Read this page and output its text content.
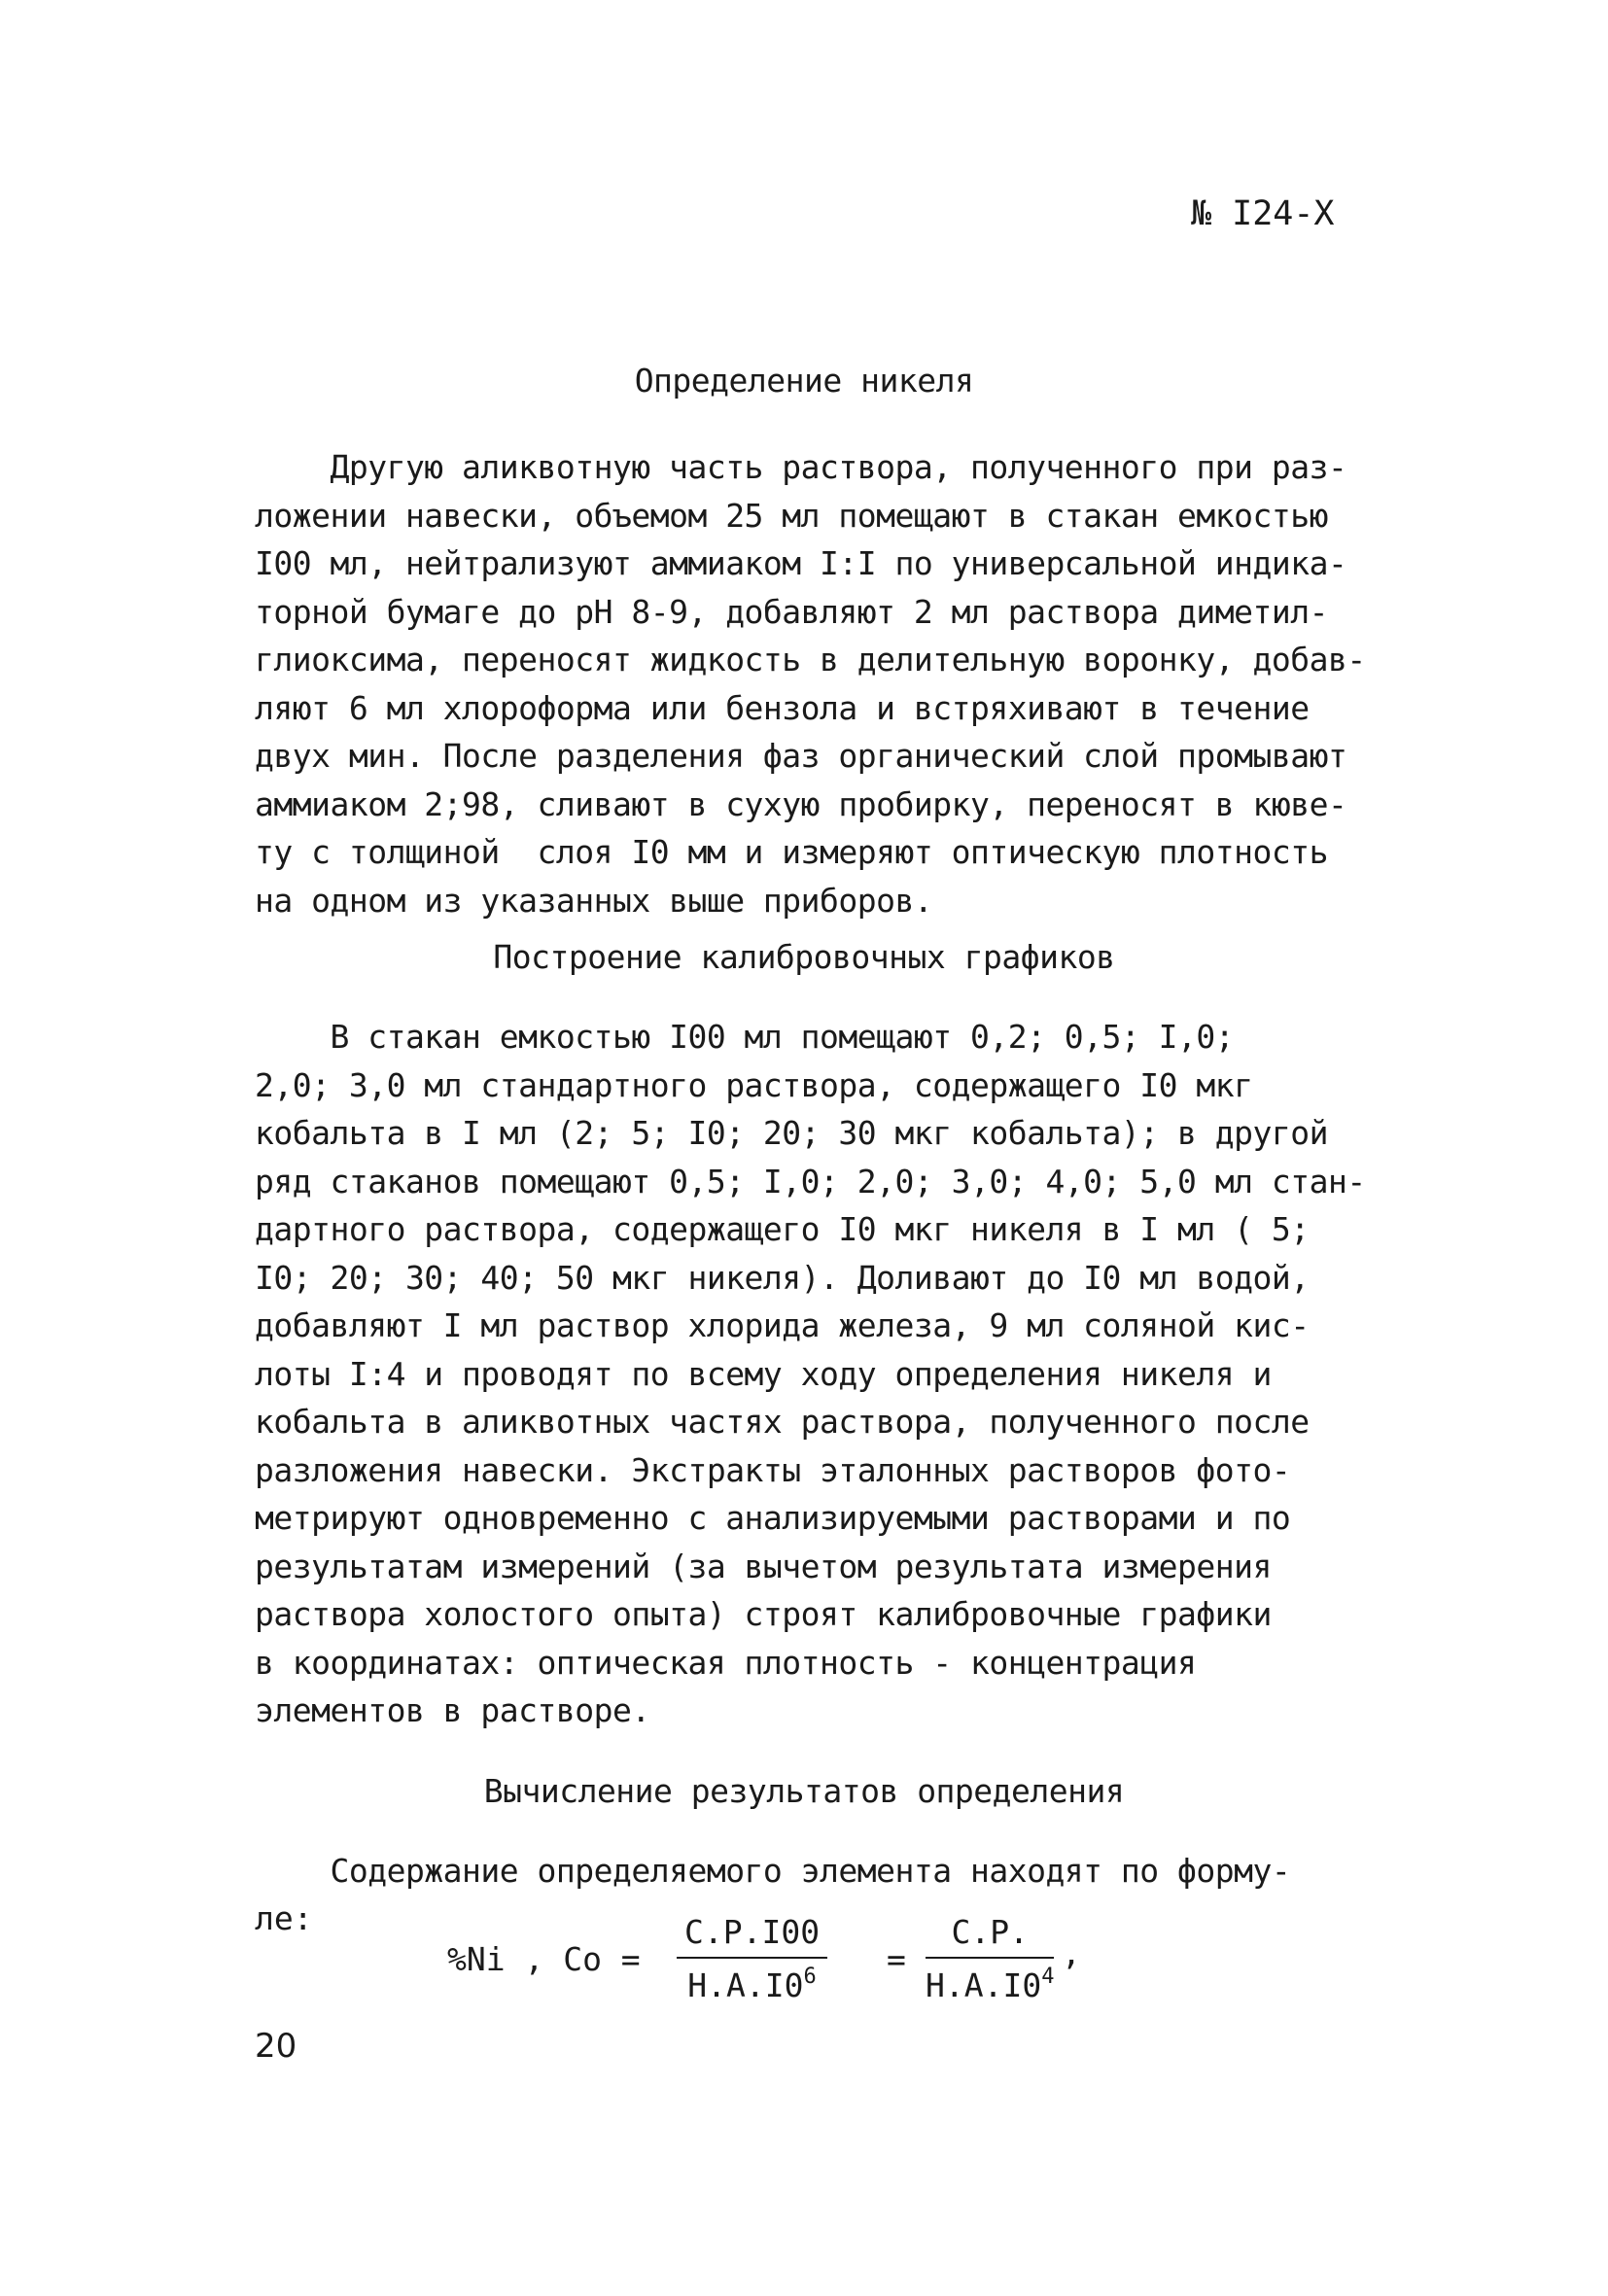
№ I24-Х
Определение никеля
Другую аликвотную часть раствора, полученного при раз-
ложении навески, объемом 25 мл помещают в стакан емкостью
I00 мл, нейтрализуют аммиаком I:I по универсальной индика-
торной бумаге до pH 8-9, добавляют 2 мл раствора диметил-
глиоксима, переносят жидкость в делительную воронку, добав-
ляют 6 мл хлороформа или бензола и встряхивают в течение
двух мин. После разделения фаз органический слой промывают
аммиаком 2;98, сливают в сухую пробирку, переносят в кюве-
ту с толщиной  слоя I0 мм и измеряют оптическую плотность
на одном из указанных выше приборов.
Построение калибровочных графиков
В стакан емкостью I00 мл помещают 0,2; 0,5; I,0;
2,0; 3,0 мл стандартного раствора, содержащего I0 мкг
кобальта в I мл (2; 5; I0; 20; 30 мкг кобальта); в другой
ряд стаканов помещают 0,5; I,0; 2,0; 3,0; 4,0; 5,0 мл стан-
дартного раствора, содержащего I0 мкг никеля в I мл ( 5;
I0; 20; 30; 40; 50 мкг никеля). Доливают до I0 мл водой,
добавляют I мл раствор хлорида железа, 9 мл соляной кис-
лоты I:4 и проводят по всему ходу определения никеля и
кобальта в аликвотных частях раствора, полученного после
разложения навески. Экстракты эталонных растворов фото-
метрируют одновременно с анализируемыми растворами и по
результатам измерений (за вычетом результата измерения
раствора холостого опыта) строят калибровочные графики
в координатах: оптическая плотность - концентрация
элементов в растворе.
Вычисление результатов определения
Содержание определяемого элемента находят по форму-
ле:
%Ni , $Co = \frac{C.P.I00}{H.A.I0^6} = \frac{C.P.}{H.A.I0^4}$ ,
20
